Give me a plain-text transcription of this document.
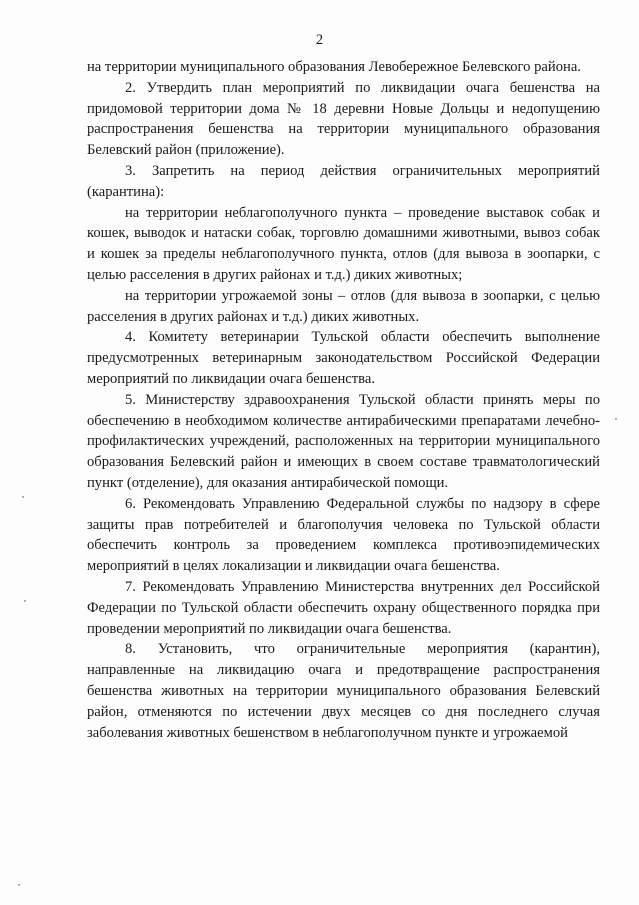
2

на территории муниципального образования Левобережное Белевского района.

2. Утвердить план мероприятий по ликвидации очага бешенства на придомовой территории дома № 18 деревни Новые Дольцы и недопущению распространения бешенства на территории муниципального образования Белевский район (приложение).

3. Запретить на период действия ограничительных мероприятий (карантина):

на территории неблагополучного пункта – проведение выставок собак и кошек, выводок и натаски собак, торговлю домашними животными, вывоз собак и кошек за пределы неблагополучного пункта, отлов (для вывоза в зоопарки, с целью расселения в других районах и т.д.) диких животных;

на территории угрожаемой зоны – отлов (для вывоза в зоопарки, с целью расселения в других районах и т.д.) диких животных.

4. Комитету ветеринарии Тульской области обеспечить выполнение предусмотренных ветеринарным законодательством Российской Федерации мероприятий по ликвидации очага бешенства.

5. Министерству здравоохранения Тульской области принять меры по обеспечению в необходимом количестве антирабическими препаратами лечебно-профилактических учреждений, расположенных на территории муниципального образования Белевский район и имеющих в своем составе травматологический пункт (отделение), для оказания антирабической помощи.

6. Рекомендовать Управлению Федеральной службы по надзору в сфере защиты прав потребителей и благополучия человека по Тульской области обеспечить контроль за проведением комплекса противоэпидемических мероприятий в целях локализации и ликвидации очага бешенства.

7. Рекомендовать Управлению Министерства внутренних дел Российской Федерации по Тульской области обеспечить охрану общественного порядка при проведении мероприятий по ликвидации очага бешенства.

8. Установить, что ограничительные мероприятия (карантин), направленные на ликвидацию очага и предотвращение распространения бешенства животных на территории муниципального образования Белевский район, отменяются по истечении двух месяцев со дня последнего случая заболевания животных бешенством в неблагополучном пункте и угрожаемой
